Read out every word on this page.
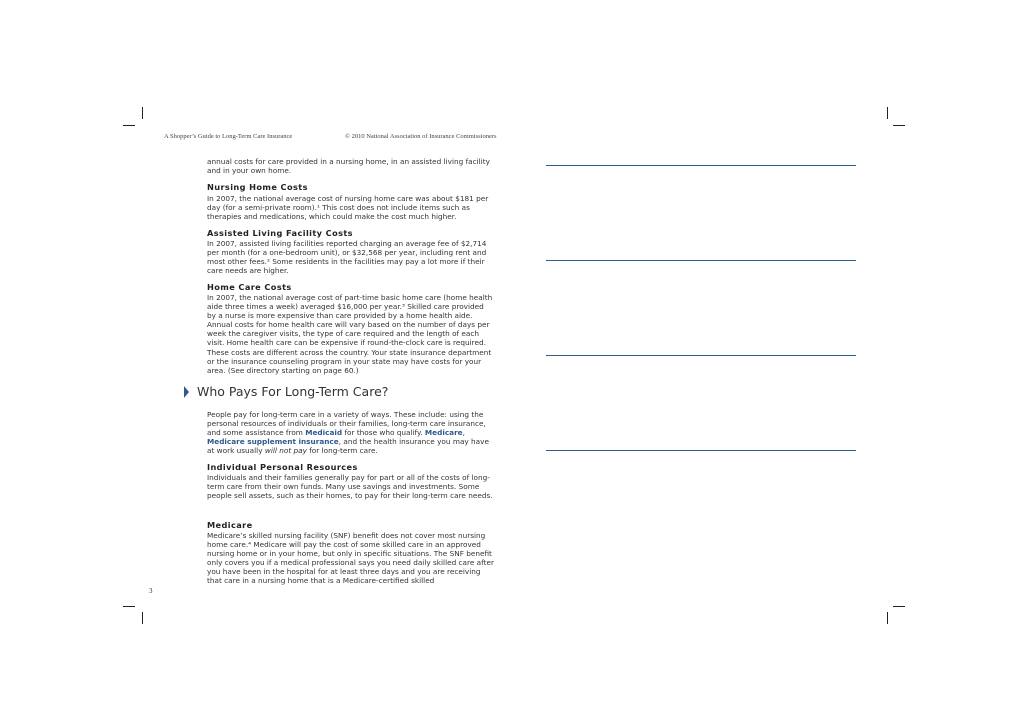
A Shopper’s Guide to Long-Term Care Insurance	© 2010 National Association of Insurance Commissioners

annual costs for care provided in a nursing home, in an assisted living facility and in your own home.

Nursing Home Costs

In 2007, the national average cost of nursing home care was about $181 per day (for a semi-private room).¹ This cost does not include items such as therapies and medications, which could make the cost much higher.

Assisted Living Facility Costs

In 2007, assisted living facilities reported charging an average fee of $2,714 per month (for a one-bedroom unit), or $32,568 per year, including rent and most other fees.² Some residents in the facilities may pay a lot more if their care needs are higher.

Home Care Costs

In 2007, the national average cost of part-time basic home care (home health aide three times a week) averaged $16,000 per year.³ Skilled care provided by a nurse is more expensive than care provided by a home health aide. Annual costs for home health care will vary based on the number of days per week the caregiver visits, the type of care required and the length of each visit. Home health care can be expensive if round-the-clock care is required. These costs are different across the country. Your state insurance department or the insurance counseling program in your state may have costs for your area. (See directory starting on page 60.)

Who Pays For Long-Term Care?

People pay for long-term care in a variety of ways. These include: using the personal resources of individuals or their families, long-term care insurance, and some assistance from Medicaid for those who qualify. Medicare, Medicare supplement insurance, and the health insurance you may have at work usually will not pay for long-term care.

Individual Personal Resources

Individuals and their families generally pay for part or all of the costs of long-term care from their own funds. Many use savings and investments. Some people sell assets, such as their homes, to pay for their long-term care needs.

Medicare

Medicare’s skilled nursing facility (SNF) benefit does not cover most nursing home care.⁴ Medicare will pay the cost of some skilled care in an approved nursing home or in your home, but only in specific situations. The SNF benefit only covers you if a medical professional says you need daily skilled care after you have been in the hospital for at least three days and you are receiving that care in a nursing home that is a Medicare-certified skilled

3
